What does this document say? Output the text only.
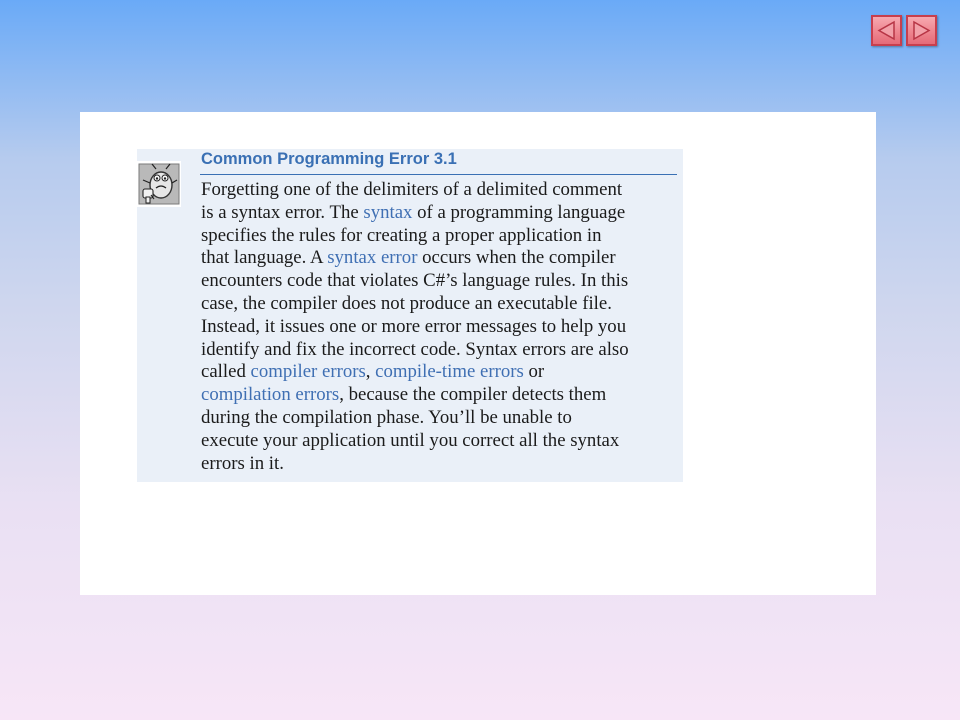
Common Programming Error 3.1
Forgetting one of the delimiters of a delimited comment
is a syntax error. The syntax of a programming language
specifies the rules for creating a proper application in
that language. A syntax error occurs when the compiler
encounters code that violates C#’s language rules. In this
case, the compiler does not produce an executable file.
Instead, it issues one or more error messages to help you
identify and fix the incorrect code. Syntax errors are also
called compiler errors, compile-time errors or
compilation errors, because the compiler detects them
during the compilation phase. You’ll be unable to
execute your application until you correct all the syntax
errors in it.
